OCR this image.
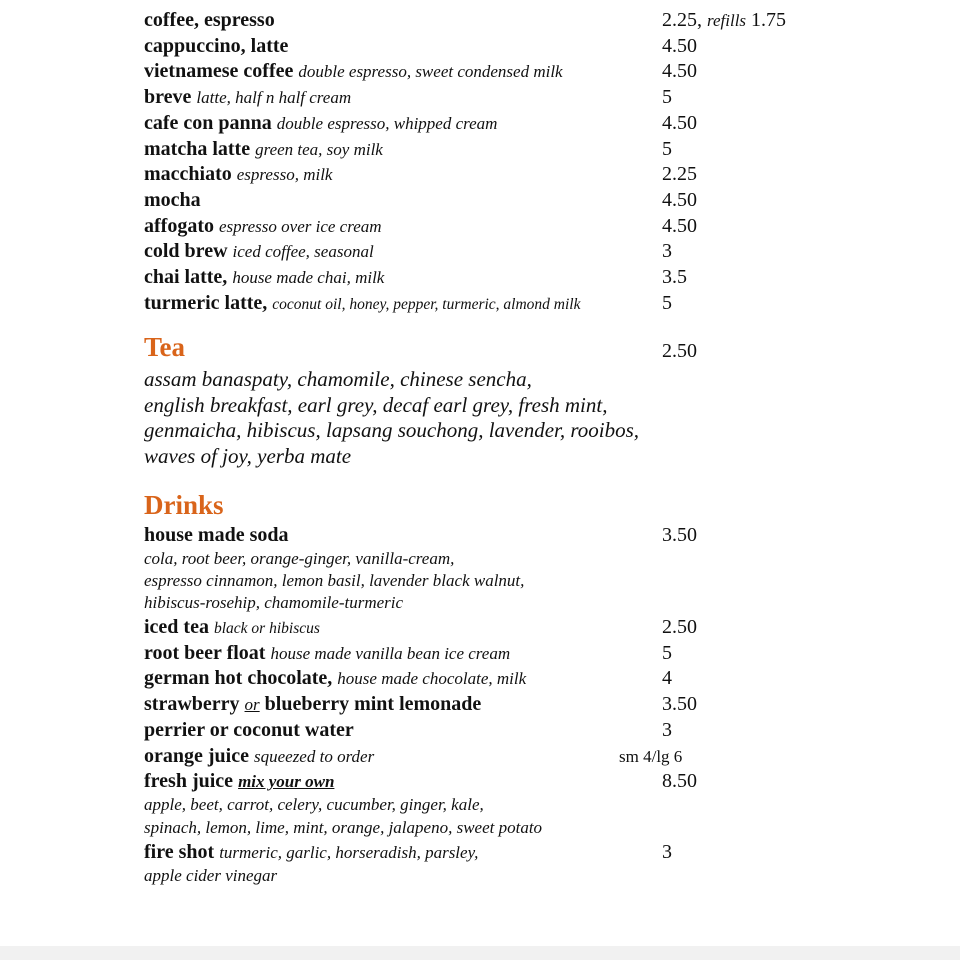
coffee, espresso	2.25, refills 1.75
cappuccino, latte	4.50
vietnamese coffee double espresso, sweet condensed milk	4.50
breve latte, half n half cream	5
cafe con panna double espresso, whipped cream	4.50
matcha latte green tea, soy milk	5
macchiato espresso, milk	2.25
mocha	4.50
affogato espresso over ice cream	4.50
cold brew iced coffee, seasonal	3
chai latte, house made chai, milk	3.5
turmeric latte, coconut oil, honey, pepper, turmeric, almond milk	5
Tea	2.50
assam banaspaty, chamomile, chinese sencha,
english breakfast, earl grey, decaf earl grey, fresh mint,
genmaicha, hibiscus, lapsang souchong, lavender, rooibos,
waves of joy, yerba mate
Drinks
house made soda	3.50
cola, root beer, orange-ginger, vanilla-cream,
espresso cinnamon, lemon basil, lavender black walnut,
hibiscus-rosehip, chamomile-turmeric
iced tea black or hibiscus	2.50
root beer float house made vanilla bean ice cream	5
german hot chocolate, house made chocolate, milk	4
strawberry or blueberry mint lemonade	3.50
perrier or coconut water	3
orange juice squeezed to order	sm 4/lg 6
fresh juice mix your own	8.50
apple, beet, carrot, celery, cucumber, ginger, kale,
spinach, lemon, lime, mint, orange, jalapeno, sweet potato
fire shot turmeric, garlic, horseradish, parsley,	3
apple cider vinegar
